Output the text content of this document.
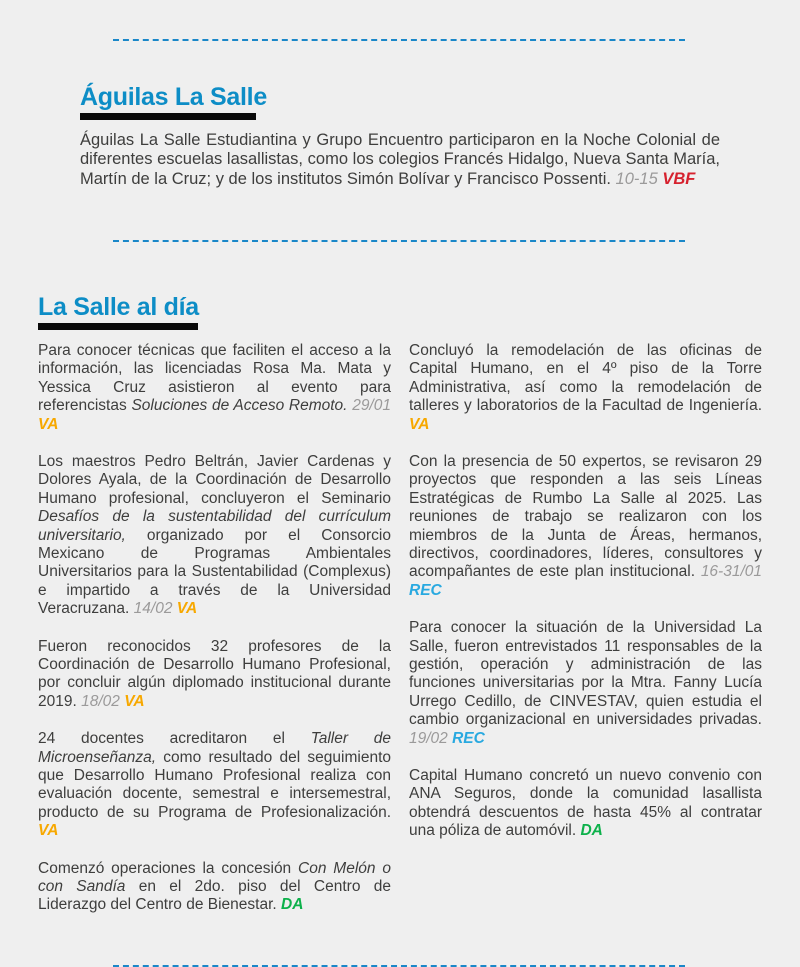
Águilas La Salle

Águilas La Salle Estudiantina y Grupo Encuentro participaron en la Noche Colonial de diferentes escuelas lasallistas, como los colegios Francés Hidalgo, Nueva Santa María, Martín de la Cruz; y de los institutos Simón Bolívar y Francisco Possenti. 10-15 VBF

La Salle al día

Para conocer técnicas que faciliten el acceso a la información, las licenciadas Rosa Ma. Mata y Yessica Cruz asistieron al evento para referencistas Soluciones de Acceso Remoto. 29/01 VA

Los maestros Pedro Beltrán, Javier Cardenas y Dolores Ayala, de la Coordinación de Desarrollo Humano profesional, concluyeron el Seminario Desafíos de la sustentabilidad del currículum universitario, organizado por el Consorcio Mexicano de Programas Ambientales Universitarios para la Sustentabilidad (Complexus) e impartido a través de la Universidad Veracruzana. 14/02 VA

Fueron reconocidos 32 profesores de la Coordinación de Desarrollo Humano Profesional, por concluir algún diplomado institucional durante 2019. 18/02 VA

24 docentes acreditaron el Taller de Microenseñanza, como resultado del seguimiento que Desarrollo Humano Profesional realiza con evaluación docente, semestral e intersemestral, producto de su Programa de Profesionalización. VA

Comenzó operaciones la concesión Con Melón o con Sandía en el 2do. piso del Centro de Liderazgo del Centro de Bienestar. DA

Concluyó la remodelación de las oficinas de Capital Humano, en el 4º piso de la Torre Administrativa, así como la remodelación de talleres y laboratorios de la Facultad de Ingeniería. VA

Con la presencia de 50 expertos, se revisaron 29 proyectos que responden a las seis Líneas Estratégicas de Rumbo La Salle al 2025. Las reuniones de trabajo se realizaron con los miembros de la Junta de Áreas, hermanos, directivos, coordinadores, líderes, consultores y acompañantes de este plan institucional. 16-31/01 REC

Para conocer la situación de la Universidad La Salle, fueron entrevistados 11 responsables de la gestión, operación y administración de las funciones universitarias por la Mtra. Fanny Lucía Urrego Cedillo, de CINVESTAV, quien estudia el cambio organizacional en universidades privadas. 19/02 REC

Capital Humano concretó un nuevo convenio con ANA Seguros, donde la comunidad lasallista obtendrá descuentos de hasta 45% al contratar una póliza de automóvil. DA
